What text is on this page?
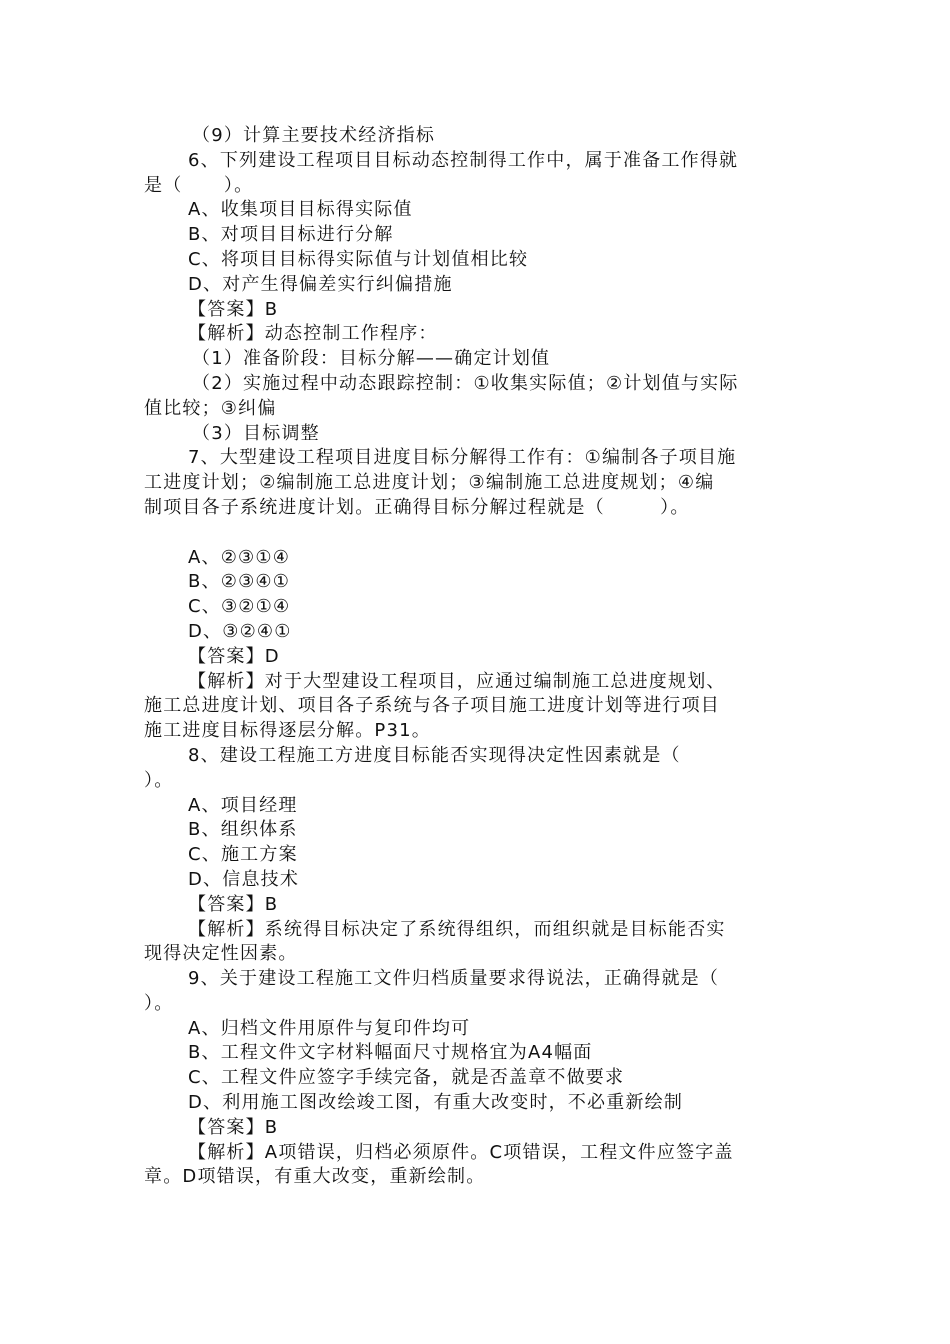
（9）计算主要技术经济指标
6、下列建设工程项目目标动态控制得工作中，属于准备工作得就
是（      ）。
A、收集项目目标得实际值
B、对项目目标进行分解
C、将项目目标得实际值与计划值相比较
D、对产生得偏差实行纠偏措施
【答案】B
【解析】动态控制工作程序：
（1）准备阶段：目标分解——确定计划值
（2）实施过程中动态跟踪控制：①收集实际值；②计划值与实际
值比较；③纠偏
（3）目标调整
7、大型建设工程项目进度目标分解得工作有：①编制各子项目施
工进度计划；②编制施工总进度计划；③编制施工总进度规划；④编
制项目各子系统进度计划。正确得目标分解过程就是（        ）。
A、②③①④
B、②③④①
C、③②①④
D、③②④①
【答案】D
【解析】对于大型建设工程项目，应通过编制施工总进度规划、
施工总进度计划、项目各子系统与各子项目施工进度计划等进行项目
施工进度目标得逐层分解。P31。
8、建设工程施工方进度目标能否实现得决定性因素就是（
）。
A、项目经理
B、组织体系
C、施工方案
D、信息技术
【答案】B
【解析】系统得目标决定了系统得组织，而组织就是目标能否实
现得决定性因素。
9、关于建设工程施工文件归档质量要求得说法，正确得就是（
）。
A、归档文件用原件与复印件均可
B、工程文件文字材料幅面尺寸规格宜为A4幅面
C、工程文件应签字手续完备，就是否盖章不做要求
D、利用施工图改绘竣工图，有重大改变时，不必重新绘制
【答案】B
【解析】A项错误，归档必须原件。C项错误，工程文件应签字盖
章。D项错误，有重大改变，重新绘制。
